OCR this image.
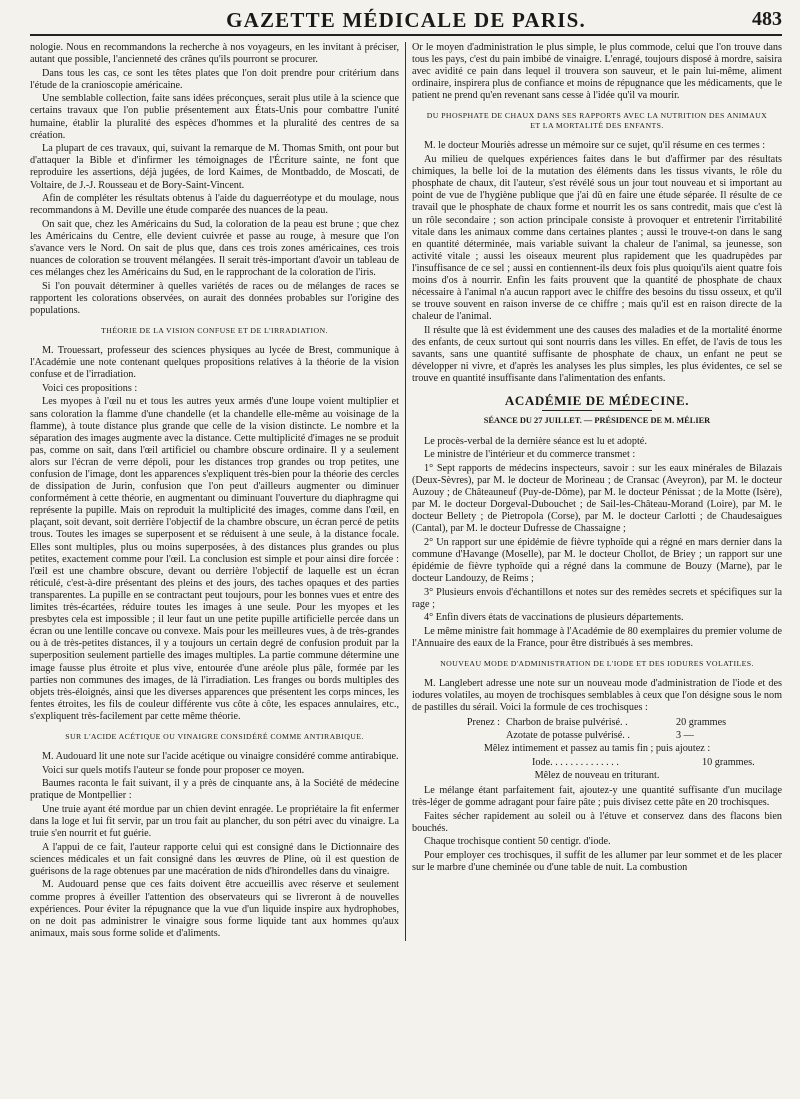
GAZETTE MÉDICALE DE PARIS.	483

nologie. Nous en recommandons la recherche à nos voyageurs, en les invitant à préciser, autant que possible, l'ancienneté des crânes qu'ils pourront se procurer.

Dans tous les cas, ce sont les têtes plates que l'on doit prendre pour critérium dans l'étude de la cranioscopie américaine.

Une semblable collection, faite sans idées préconçues, serait plus utile à la science que certains travaux que l'on publie présentement aux États-Unis pour combattre l'unité humaine, établir la pluralité des espèces d'hommes et la pluralité des centres de sa création.

La plupart de ces travaux, qui, suivant la remarque de M. Thomas Smith, ont pour but d'attaquer la Bible et d'infirmer les témoignages de l'Écriture sainte, ne font que reproduire les assertions, déjà jugées, de lord Kaimes, de Montbaddo, de Moscati, de Voltaire, de J.-J. Rousseau et de Bory-Saint-Vincent.

Afin de compléter les résultats obtenus à l'aide du daguerréotype et du moulage, nous recommandons à M. Deville une étude comparée des nuances de la peau.

On sait que, chez les Américains du Sud, la coloration de la peau est brune ; que chez les Américains du Centre, elle devient cuivrée et passe au rouge, à mesure que l'on s'avance vers le Nord. On sait de plus que, dans ces trois zones américaines, ces trois nuances de coloration se trouvent mélangées. Il serait très-important d'avoir un tableau de ces mélanges chez les Américains du Sud, en le rapprochant de la coloration de l'iris.

Si l'on pouvait déterminer à quelles variétés de races ou de mélanges de races se rapportent les colorations observées, on aurait des données probables sur l'origine des populations.

THÉORIE DE LA VISION CONFUSE ET DE L'IRRADIATION.

M. Trouessart, professeur des sciences physiques au lycée de Brest, communique à l'Académie une note contenant quelques propositions relatives à la théorie de la vision confuse et de l'irradiation.

Voici ces propositions :

Les myopes à l'œil nu et tous les autres yeux armés d'une loupe voient multiplier et sans coloration la flamme d'une chandelle (et la chandelle elle-même au voisinage de la flamme), à toute distance plus grande que celle de la vision distincte. Le nombre et la séparation des images augmente avec la distance. Cette multiplicité d'images ne se produit pas, comme on sait, dans l'œil artificiel ou chambre obscure ordinaire. Il y a seulement alors sur l'écran de verre dépoli, pour les distances trop grandes ou trop petites, une confusion de l'image, dont les apparences s'expliquent très-bien pour la théorie des cercles de dissipation de Jurin, confusion que l'on peut d'ailleurs augmenter ou diminuer conformément à cette théorie, en augmentant ou diminuant l'ouverture du diaphragme qui représente la pupille. Mais on reproduit la multiplicité des images, comme dans l'œil, en plaçant, soit devant, soit derrière l'objectif de la chambre obscure, un écran percé de petits trous. Toutes les images se superposent et se réduisent à une seule, à la distance focale. Elles sont multiples, plus ou moins superposées, à des distances plus grandes ou plus petites, exactement comme pour l'œil. La conclusion est simple et pour ainsi dire forcée : l'œil est une chambre obscure, devant ou derrière l'objectif de laquelle est un écran réticulé, c'est-à-dire présentant des pleins et des jours, des taches opaques et des parties transparentes. La pupille en se contractant peut toujours, pour les bonnes vues et entre des limites très-écartées, réduire toutes les images à une seule. Pour les myopes et les presbytes cela est impossible ; il leur faut un une petite pupille artificielle percée dans un écran ou une lentille concave ou convexe. Mais pour les meilleures vues, à de très-grandes ou à de très-petites distances, il y a toujours un certain degré de confusion produit par la superposition seulement partielle des images multiples. La partie commune détermine une image fausse plus étroite et plus vive, entourée d'une aréole plus pâle, formée par les parties non communes des images, de là l'irradiation. Les franges ou bords multiples des objets très-éloignés, ainsi que les diverses apparences que présentent les corps minces, les fentes étroites, les fils de couleur différente vus côte à côte, les espaces annulaires, etc., s'expliquent très-facilement par cette même théorie.

SUR L'ACIDE ACÉTIQUE OU VINAIGRE CONSIDÉRÉ COMME ANTIRABIQUE.

M. Audouard lit une note sur l'acide acétique ou vinaigre considéré comme antirabique.

Voici sur quels motifs l'auteur se fonde pour proposer ce moyen.

Baumes raconta le fait suivant, il y a près de cinquante ans, à la Société de médecine pratique de Montpellier :

Une truie ayant été mordue par un chien devint enragée. Le propriétaire la fit enfermer dans la loge et lui fit servir, par un trou fait au plancher, du son pétri avec du vinaigre. La truie s'en nourrit et fut guérie.

A l'appui de ce fait, l'auteur rapporte celui qui est consigné dans le Dictionnaire des sciences médicales et un fait consigné dans les œuvres de Pline, où il est question de guérisons de la rage obtenues par une macération de nids d'hirondelles dans du vinaigre.

M. Audouard pense que ces faits doivent être accueillis avec réserve et seulement comme propres à éveiller l'attention des observateurs qui se livreront à de nouvelles expériences. Pour éviter la répugnance que la vue d'un liquide inspire aux hydrophobes, on ne doit pas administrer le vinaigre sous forme liquide tant aux hommes qu'aux animaux, mais sous forme solide et d'aliments.

Or le moyen d'administration le plus simple, le plus commode, celui que l'on trouve dans tous les pays, c'est du pain imbibé de vinaigre. L'enragé, toujours disposé à mordre, saisira avec avidité ce pain dans lequel il trouvera son sauveur, et le pain lui-même, aliment ordinaire, inspirera plus de confiance et moins de répugnance que les médicaments, que le patient ne prend qu'en revenant sans cesse à l'idée qu'il va mourir.

DU PHOSPHATE DE CHAUX DANS SES RAPPORTS AVEC LA NUTRITION DES ANIMAUX
ET LA MORTALITÉ DES ENFANTS.

M. le docteur Mouriès adresse un mémoire sur ce sujet, qu'il résume en ces termes :

Au milieu de quelques expériences faites dans le but d'affirmer par des résultats chimiques, la belle loi de la mutation des éléments dans les tissus vivants, le rôle du phosphate de chaux, dit l'auteur, s'est révélé sous un jour tout nouveau et si important au point de vue de l'hygiène publique que j'ai dû en faire une étude séparée. Il résulte de ce travail que le phosphate de chaux forme et nourrit les os sans contredit, mais que c'est là un rôle secondaire ; son action principale consiste à provoquer et entretenir l'irritabilité vitale dans les animaux comme dans certaines plantes ; aussi le trouve-t-on dans le sang en quantité déterminée, mais variable suivant la chaleur de l'animal, sa jeunesse, son activité vitale ; aussi les oiseaux meurent plus rapidement que les quadrupèdes par l'insuffisance de ce sel ; aussi en contiennent-ils deux fois plus quoiqu'ils aient quatre fois moins d'os à nourrir. Enfin les faits prouvent que la quantité de phosphate de chaux nécessaire à l'animal n'a aucun rapport avec le chiffre des besoins du tissu osseux, et qu'il se trouve souvent en raison inverse de ce chiffre ; mais qu'il est en raison directe de la chaleur de l'animal.

Il résulte que là est évidemment une des causes des maladies et de la mortalité énorme des enfants, de ceux surtout qui sont nourris dans les villes. En effet, de l'avis de tous les savants, sans une quantité suffisante de phosphate de chaux, un enfant ne peut se développer ni vivre, et d'après les analyses les plus simples, les plus évidentes, ce sel se trouve en quantité insuffisante dans l'alimentation des enfants.

ACADÉMIE DE MÉDECINE.
SÉANCE DU 27 JUILLET. — PRÉSIDENCE DE M. MÉLIER

Le procès-verbal de la dernière séance est lu et adopté.

Le ministre de l'intérieur et du commerce transmet :

1° Sept rapports de médecins inspecteurs, savoir : sur les eaux minérales de Bilazais (Deux-Sèvres), par M. le docteur de Morineau ; de Cransac (Aveyron), par M. le docteur Auzouy ; de Châteauneuf (Puy-de-Dôme), par M. le docteur Pénissat ; de la Motte (Isère), par M. le docteur Dorgeval-Dubouchet ; de Sail-les-Château-Morand (Loire), par M. le docteur Bellety ; de Pietropola (Corse), par M. le docteur Carlotti ; de Chaudesaigues (Cantal), par M. le docteur Dufresse de Chassaigne ;

2° Un rapport sur une épidémie de fièvre typhoïde qui a régné en mars dernier dans la commune d'Havange (Moselle), par M. le docteur Chollot, de Briey ; un rapport sur une épidémie de fièvre typhoïde qui a régné dans la commune de Bouzy (Marne), par le docteur Landouzy, de Reims ;

3° Plusieurs envois d'échantillons et notes sur des remèdes secrets et spécifiques sur la rage ;

4° Enfin divers états de vaccinations de plusieurs départements.

Le même ministre fait hommage à l'Académie de 80 exemplaires du premier volume de l'Annuaire des eaux de la France, pour être distribués à ses membres.

NOUVEAU MODE D'ADMINISTRATION DE L'IODE ET DES IODURES VOLATILES.

M. Langlebert adresse une note sur un nouveau mode d'administration de l'iode et des iodures volatiles, au moyen de trochisques semblables à ceux que l'on désigne sous le nom de pastilles du sérail. Voici la formule de ces trochisques :

Prenez : Charbon de braise pulvérisé. .	20 grammes
Azotate de potasse pulvérisé. .	3 —
Mêlez intimement et passez au tamis fin ; puis ajoutez :
Iode. . . . . . . . . . . . . .	10 grammes.
Mêlez de nouveau en triturant.

Le mélange étant parfaitement fait, ajoutez-y une quantité suffisante d'un mucilage très-léger de gomme adragant pour faire pâte ; puis divisez cette pâte en 20 trochisques.

Faites sécher rapidement au soleil ou à l'étuve et conservez dans des flacons bien bouchés.

Chaque trochisque contient 50 centigr. d'iode.

Pour employer ces trochisques, il suffit de les allumer par leur sommet et de les placer sur le marbre d'une cheminée ou d'une table de nuit. La combustion
